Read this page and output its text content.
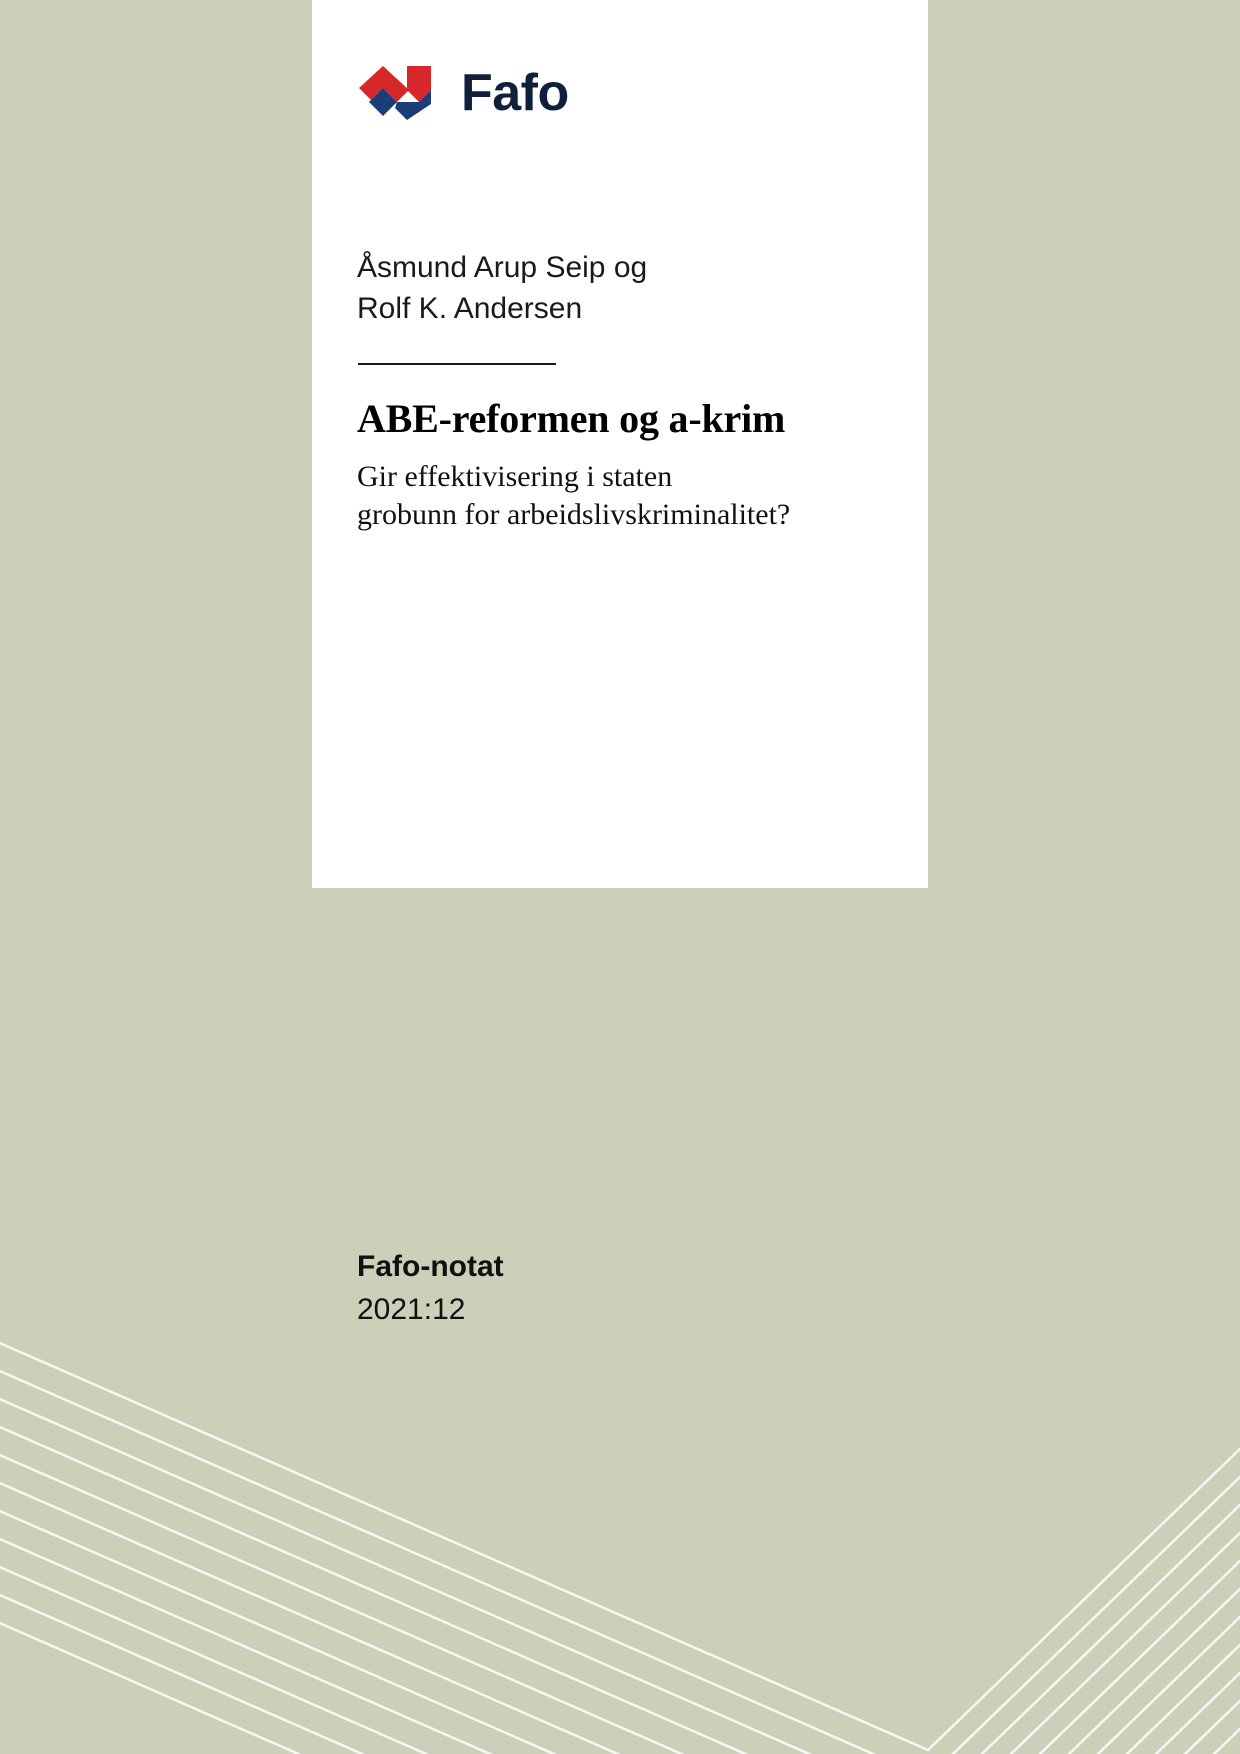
Fafo
Åsmund Arup Seip og
Rolf K. Andersen
ABE-reformen og a-krim
Gir effektivisering i staten
grobunn for arbeidslivskriminalitet?
Fafo-notat
2021:12
